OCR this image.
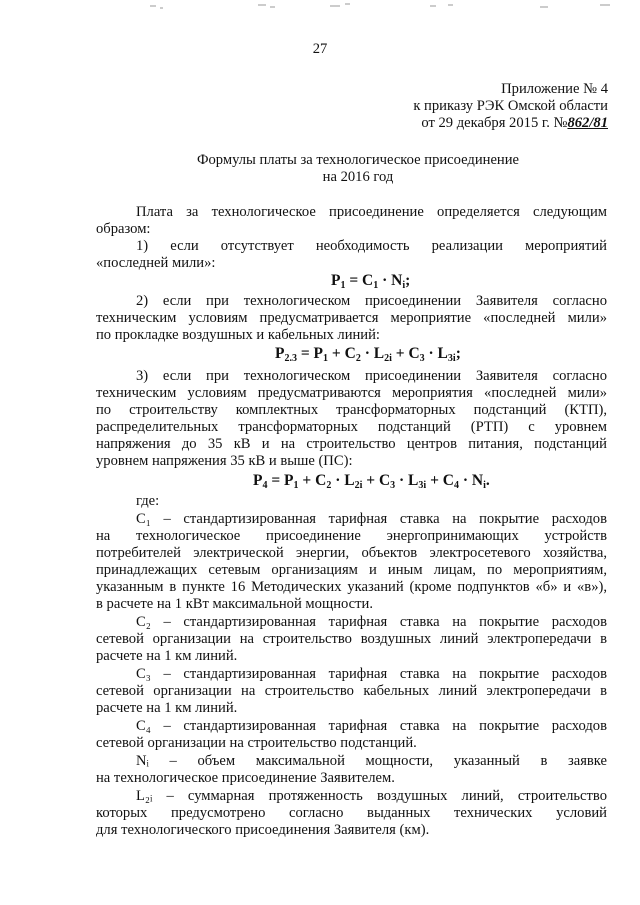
27
Приложение № 4
к приказу РЭК Омской области
от 29 декабря 2015 г. №862/81
Формулы платы за технологическое присоединение
на 2016 год
Плата за технологическое присоединение определяется следующим
образом:
1) если отсутствует необходимость реализации мероприятий
«последней мили»:
$P_1 = C_1 \cdot N_i$;
2) если при технологическом присоединении Заявителя согласно
техническим условиям предусматривается мероприятие «последней мили»
по прокладке воздушных и кабельных линий:
$P_{2.3} = P_1 + C_2 \cdot L_{2i} + C_3 \cdot L_{3i}$;
3) если при технологическом присоединении Заявителя согласно
техническим условиям предусматриваются мероприятия «последней мили»
по строительству комплектных трансформаторных подстанций (КТП),
распределительных трансформаторных подстанций (РТП) с уровнем
напряжения до 35 кВ и на строительство центров питания, подстанций
уровнем напряжения 35 кВ и выше (ПС):
$P_4 = P_1 + C_2 \cdot L_{2i} + C_3 \cdot L_{3i} + C_4 \cdot N_i$.
где:
C₁ – стандартизированная тарифная ставка на покрытие расходов
на технологическое присоединение энергопринимающих устройств
потребителей электрической энергии, объектов электросетевого хозяйства,
принадлежащих сетевым организациям и иным лицам, по мероприятиям,
указанным в пункте 16 Методических указаний (кроме подпунктов «б» и «в»),
в расчете на 1 кВт максимальной мощности.
C₂ – стандартизированная тарифная ставка на покрытие расходов
сетевой организации на строительство воздушных линий электропередачи в
расчете на 1 км линий.
C₃ – стандартизированная тарифная ставка на покрытие расходов
сетевой организации на строительство кабельных линий электропередачи в
расчете на 1 км линий.
C₄ – стандартизированная тарифная ставка на покрытие расходов
сетевой организации на строительство подстанций.
Nᵢ – объем максимальной мощности, указанный в заявке
на технологическое присоединение Заявителем.
L₂ᵢ – суммарная протяженность воздушных линий, строительство
которых предусмотрено согласно выданных технических условий
для технологического присоединения Заявителя (км).
